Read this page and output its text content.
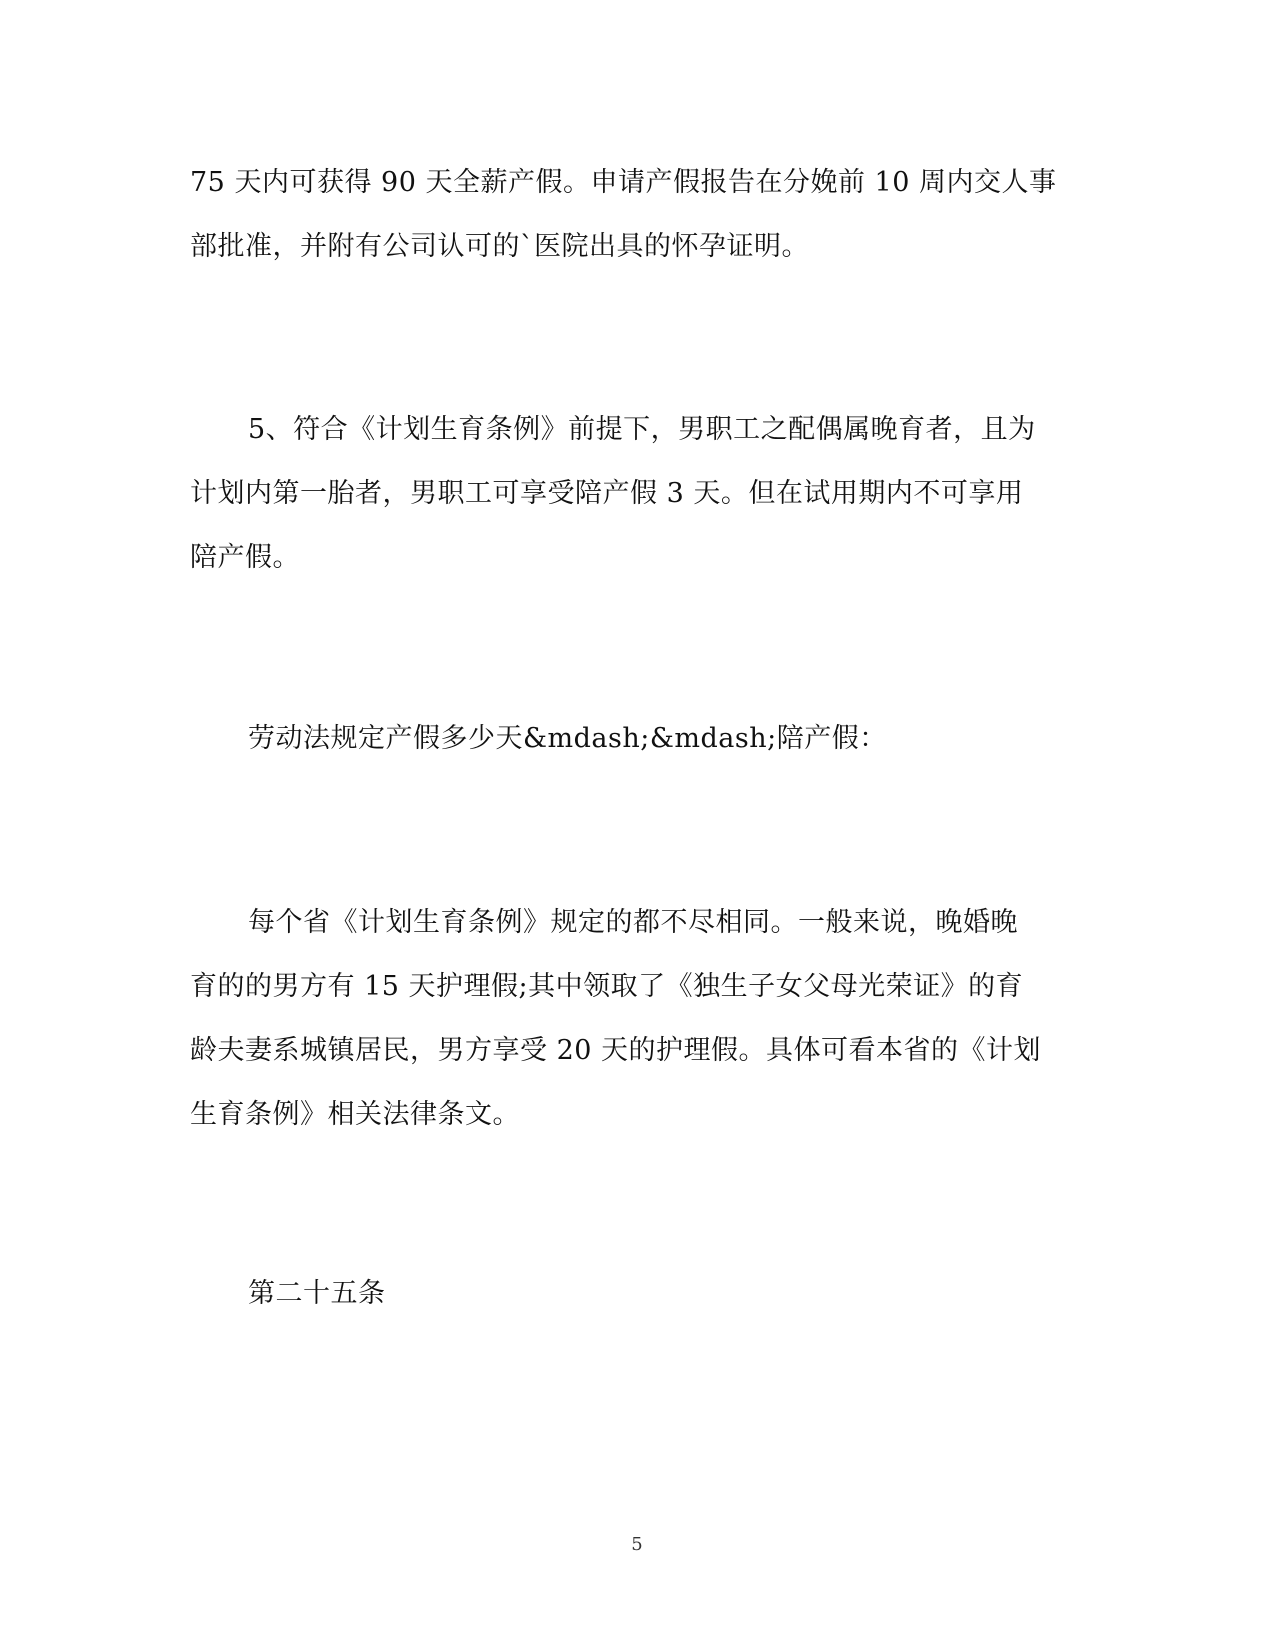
75 天内可获得 90 天全薪产假。申请产假报告在分娩前 10 周内交人事
部批准，并附有公司认可的`医院出具的怀孕证明。
5、符合《计划生育条例》前提下，男职工之配偶属晚育者，且为
计划内第一胎者，男职工可享受陪产假 3 天。但在试用期内不可享用
陪产假。
劳动法规定产假多少天&mdash;&mdash;陪产假：
每个省《计划生育条例》规定的都不尽相同。一般来说，晚婚晚
育的的男方有 15 天护理假;其中领取了《独生子女父母光荣证》的育
龄夫妻系城镇居民，男方享受 20 天的护理假。具体可看本省的《计划
生育条例》相关法律条文。
第二十五条
5
